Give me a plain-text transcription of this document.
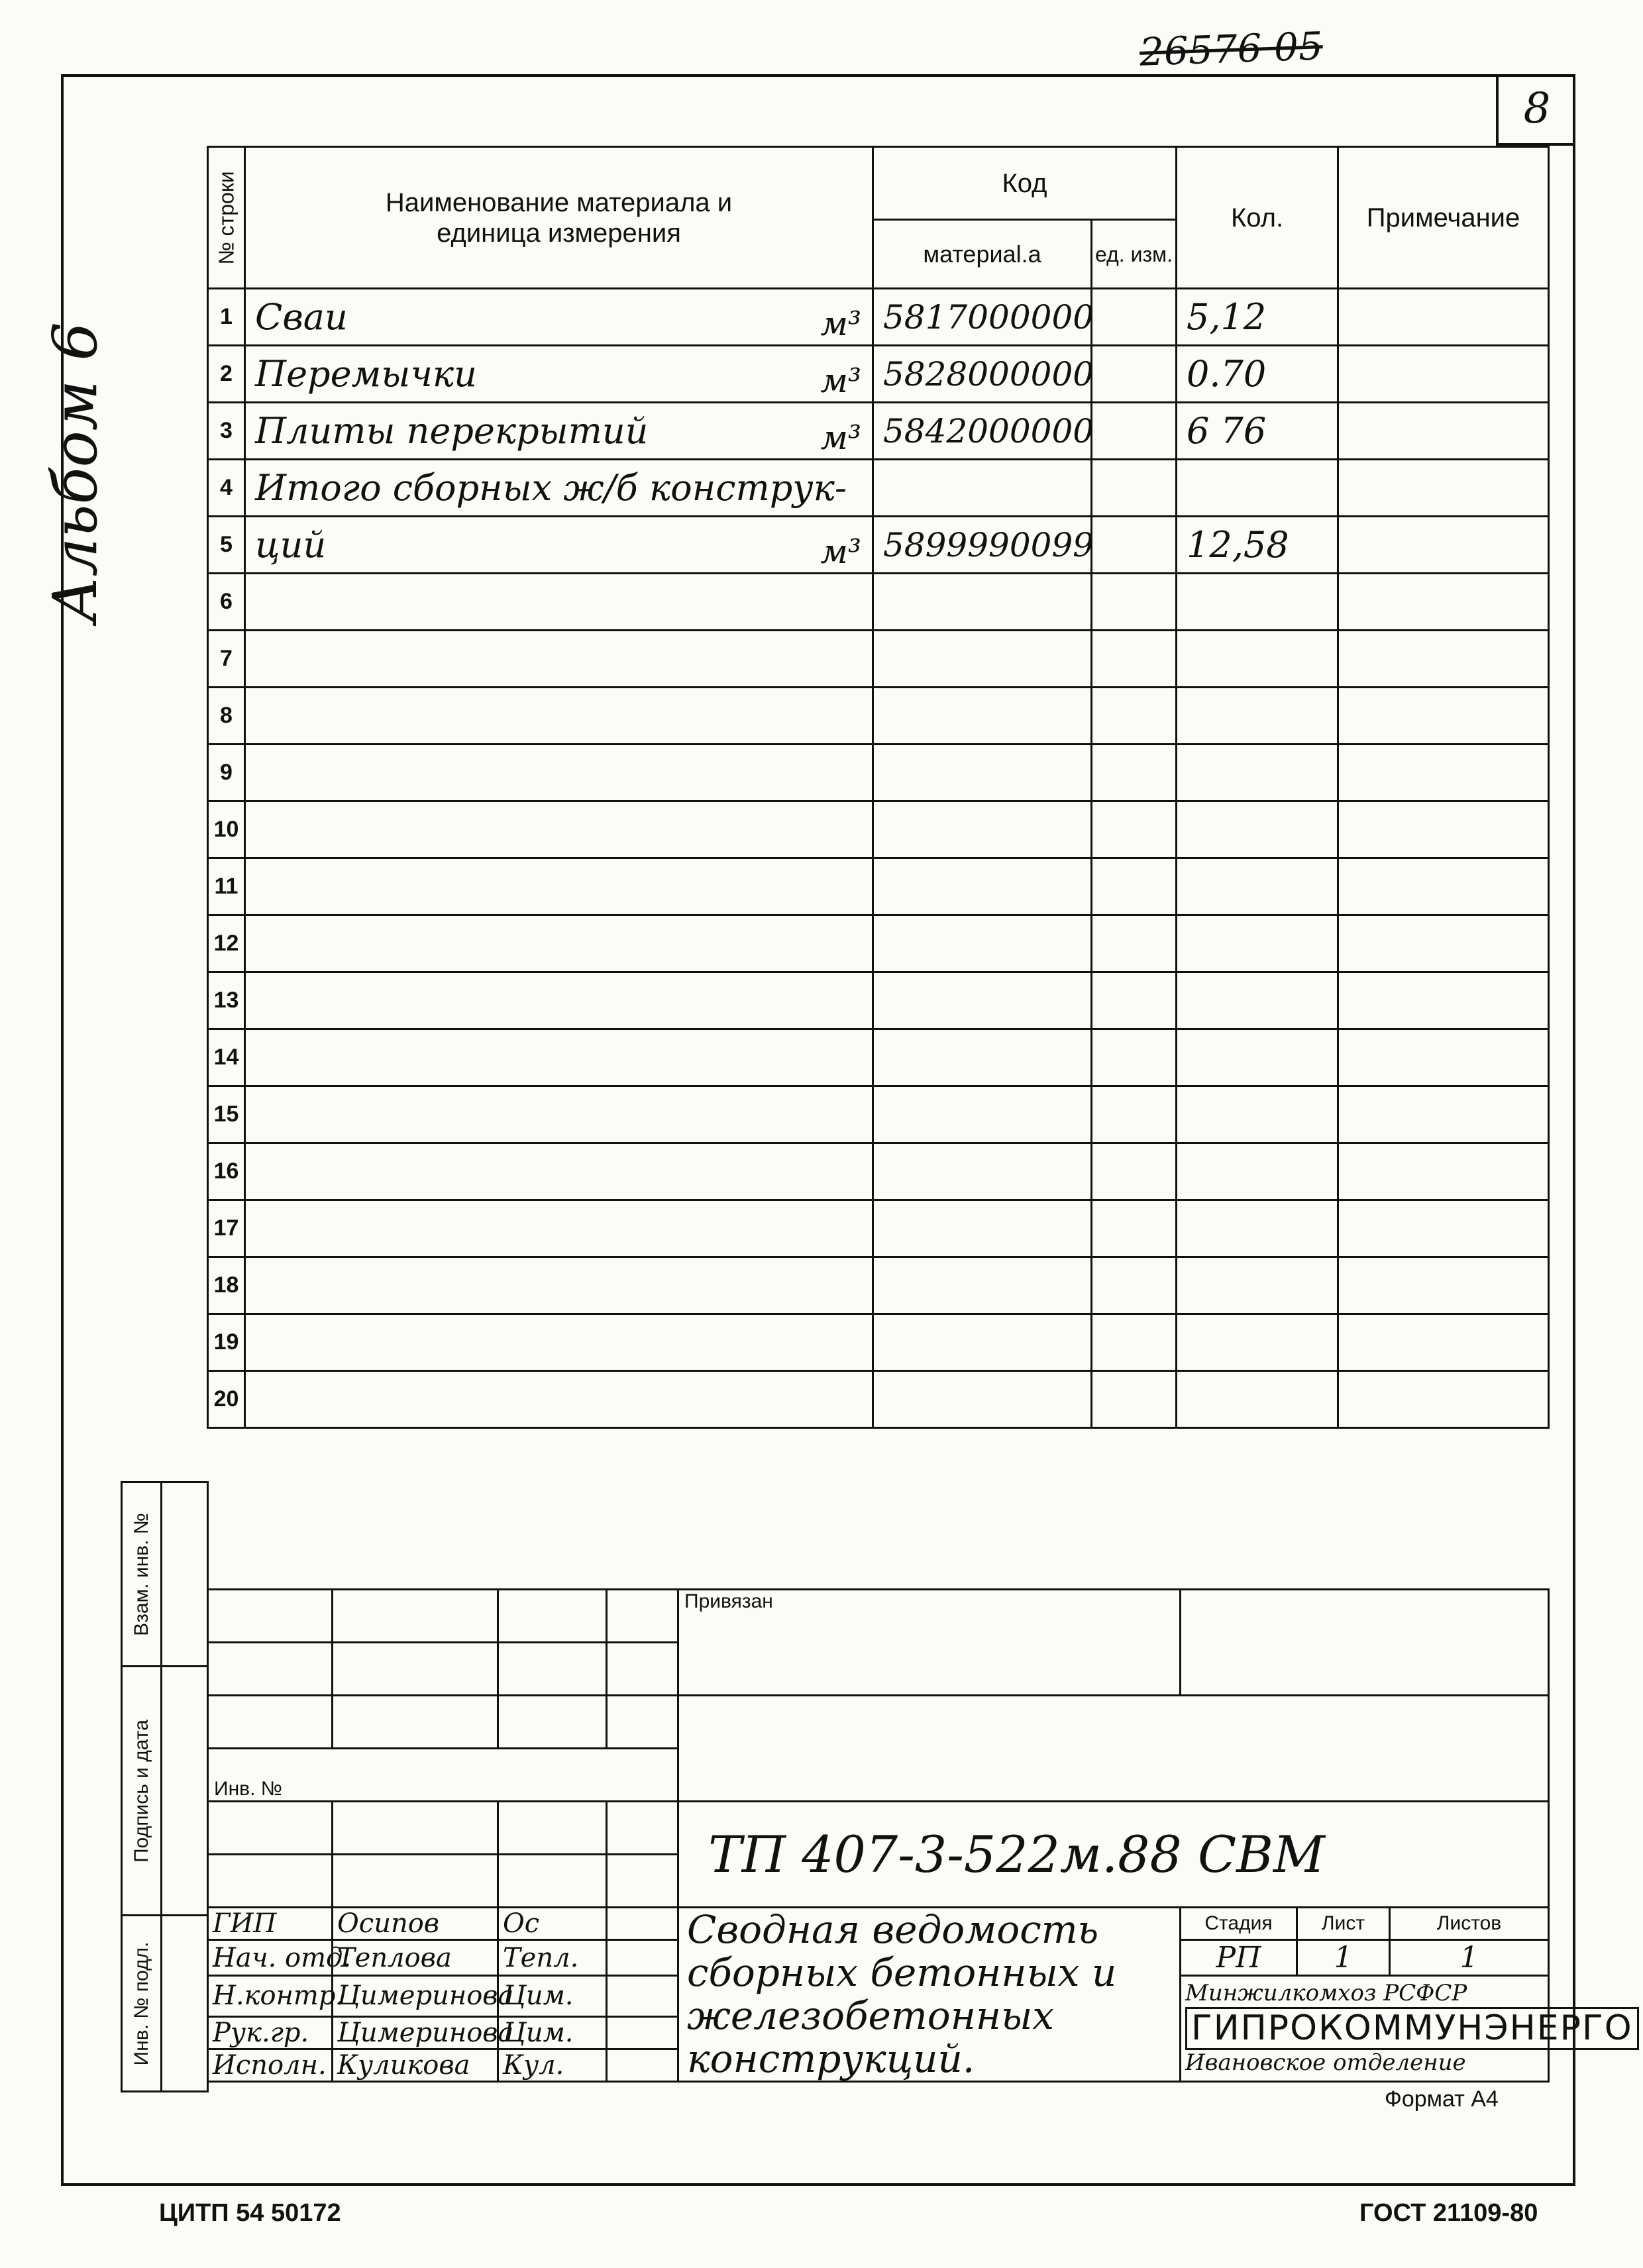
26576 05
8
Альбом 6
№ строки	Наименование материала и единица измерения	Код		Кол.	Примечание
		материаl.a	ед. изм.		
1	Сваи м³	5817000000		5,12	
2	Перемычки м³	5828000000		0.70	
3	Плиты перекрытий м³	5842000000		6 76	
4	Итого сборных ж/б конструк-

5	ций м³	5899990099		12,58	
6	

7	

8	

9	

10	

11	

12	

13	

14	

15	

16	

17	

18	

19	

20	

Взам. инв. №	

Подпись и дата	

Инв. № подл.	

				Привязан			

Инв. №							
				ТП 407-3-522м.88 СВМ			

ГИП	Осипов	Ос		Сводная ведомость сборных бетонных и железобетонных конструкций.	Стадия	Лист	Листов
Нач. отд.	Теплова	Тепл.			РП	1	1
Н.контр.	Цимеринова	Цим.			Минжилкомхоз РСФСР
ГИПРОКОММУНЭНЕРГО
Ивановское отделение		

Рук.гр.	Цимеринова	Цим.					
Исполн.	Куликова	Кул.					
Формат А4
ЦИТП 54 50172	ГОСТ 21109-80
